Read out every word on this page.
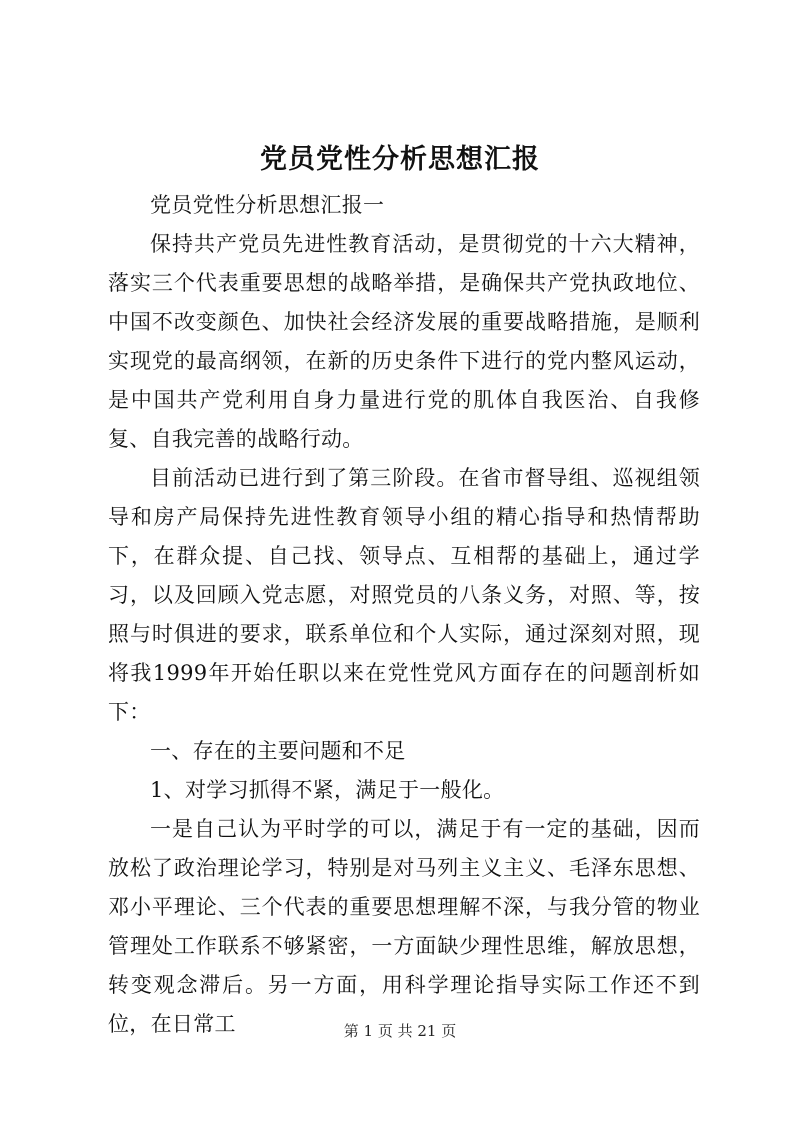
党员党性分析思想汇报

党员党性分析思想汇报一

保持共产党员先进性教育活动，是贯彻党的十六大精神，落实三个代表重要思想的战略举措，是确保共产党执政地位、中国不改变颜色、加快社会经济发展的重要战略措施，是顺利实现党的最高纲领，在新的历史条件下进行的党内整风运动，是中国共产党利用自身力量进行党的肌体自我医治、自我修复、自我完善的战略行动。

目前活动已进行到了第三阶段。在省市督导组、巡视组领导和房产局保持先进性教育领导小组的精心指导和热情帮助下，在群众提、自己找、领导点、互相帮的基础上，通过学习，以及回顾入党志愿，对照党员的八条义务，对照、等，按照与时俱进的要求，联系单位和个人实际，通过深刻对照，现将我1999年开始任职以来在党性党风方面存在的问题剖析如下：

一、存在的主要问题和不足

1、对学习抓得不紧，满足于一般化。

一是自己认为平时学的可以，满足于有一定的基础，因而放松了政治理论学习，特别是对马列主义主义、毛泽东思想、邓小平理论、三个代表的重要思想理解不深，与我分管的物业管理处工作联系不够紧密，一方面缺少理性思维，解放思想，转变观念滞后。另一方面，用科学理论指导实际工作还不到位，在日常工	第 1 页 共 21 页
